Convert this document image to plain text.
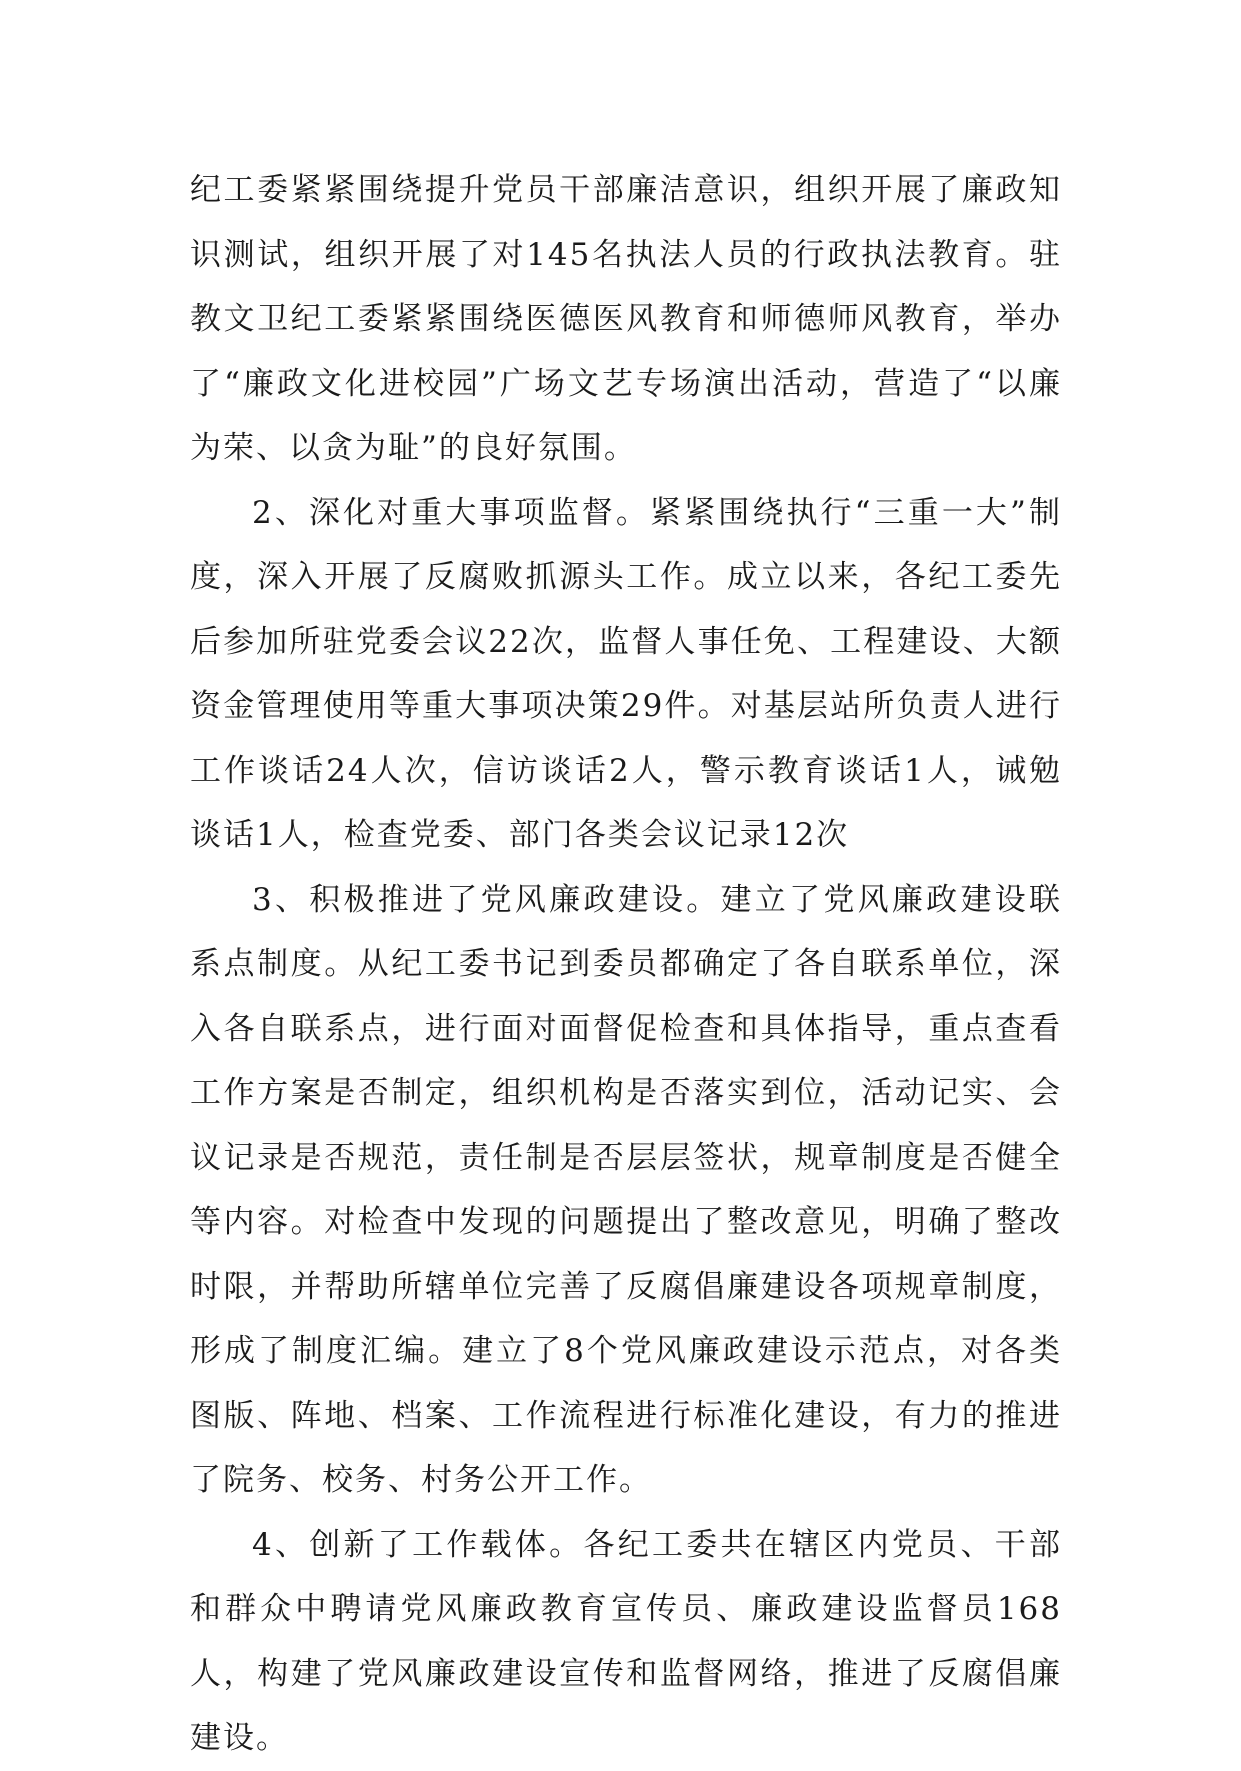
纪工委紧紧围绕提升党员干部廉洁意识，组织开展了廉政知识测试，组织开展了对145名执法人员的行政执法教育。驻教文卫纪工委紧紧围绕医德医风教育和师德师风教育，举办了“廉政文化进校园”广场文艺专场演出活动，营造了“以廉为荣、以贪为耻”的良好氛围。

2、深化对重大事项监督。紧紧围绕执行“三重一大”制度，深入开展了反腐败抓源头工作。成立以来，各纪工委先后参加所驻党委会议22次，监督人事任免、工程建设、大额资金管理使用等重大事项决策29件。对基层站所负责人进行工作谈话24人次，信访谈话2人，警示教育谈话1人，诫勉谈话1人，检查党委、部门各类会议记录12次

3、积极推进了党风廉政建设。建立了党风廉政建设联系点制度。从纪工委书记到委员都确定了各自联系单位，深入各自联系点，进行面对面督促检查和具体指导，重点查看工作方案是否制定，组织机构是否落实到位，活动记实、会议记录是否规范，责任制是否层层签状，规章制度是否健全等内容。对检查中发现的问题提出了整改意见，明确了整改时限，并帮助所辖单位完善了反腐倡廉建设各项规章制度，形成了制度汇编。建立了8个党风廉政建设示范点，对各类图版、阵地、档案、工作流程进行标准化建设，有力的推进了院务、校务、村务公开工作。

4、创新了工作载体。各纪工委共在辖区内党员、干部和群众中聘请党风廉政教育宣传员、廉政建设监督员168人，构建了党风廉政建设宣传和监督网络，推进了反腐倡廉建设。
